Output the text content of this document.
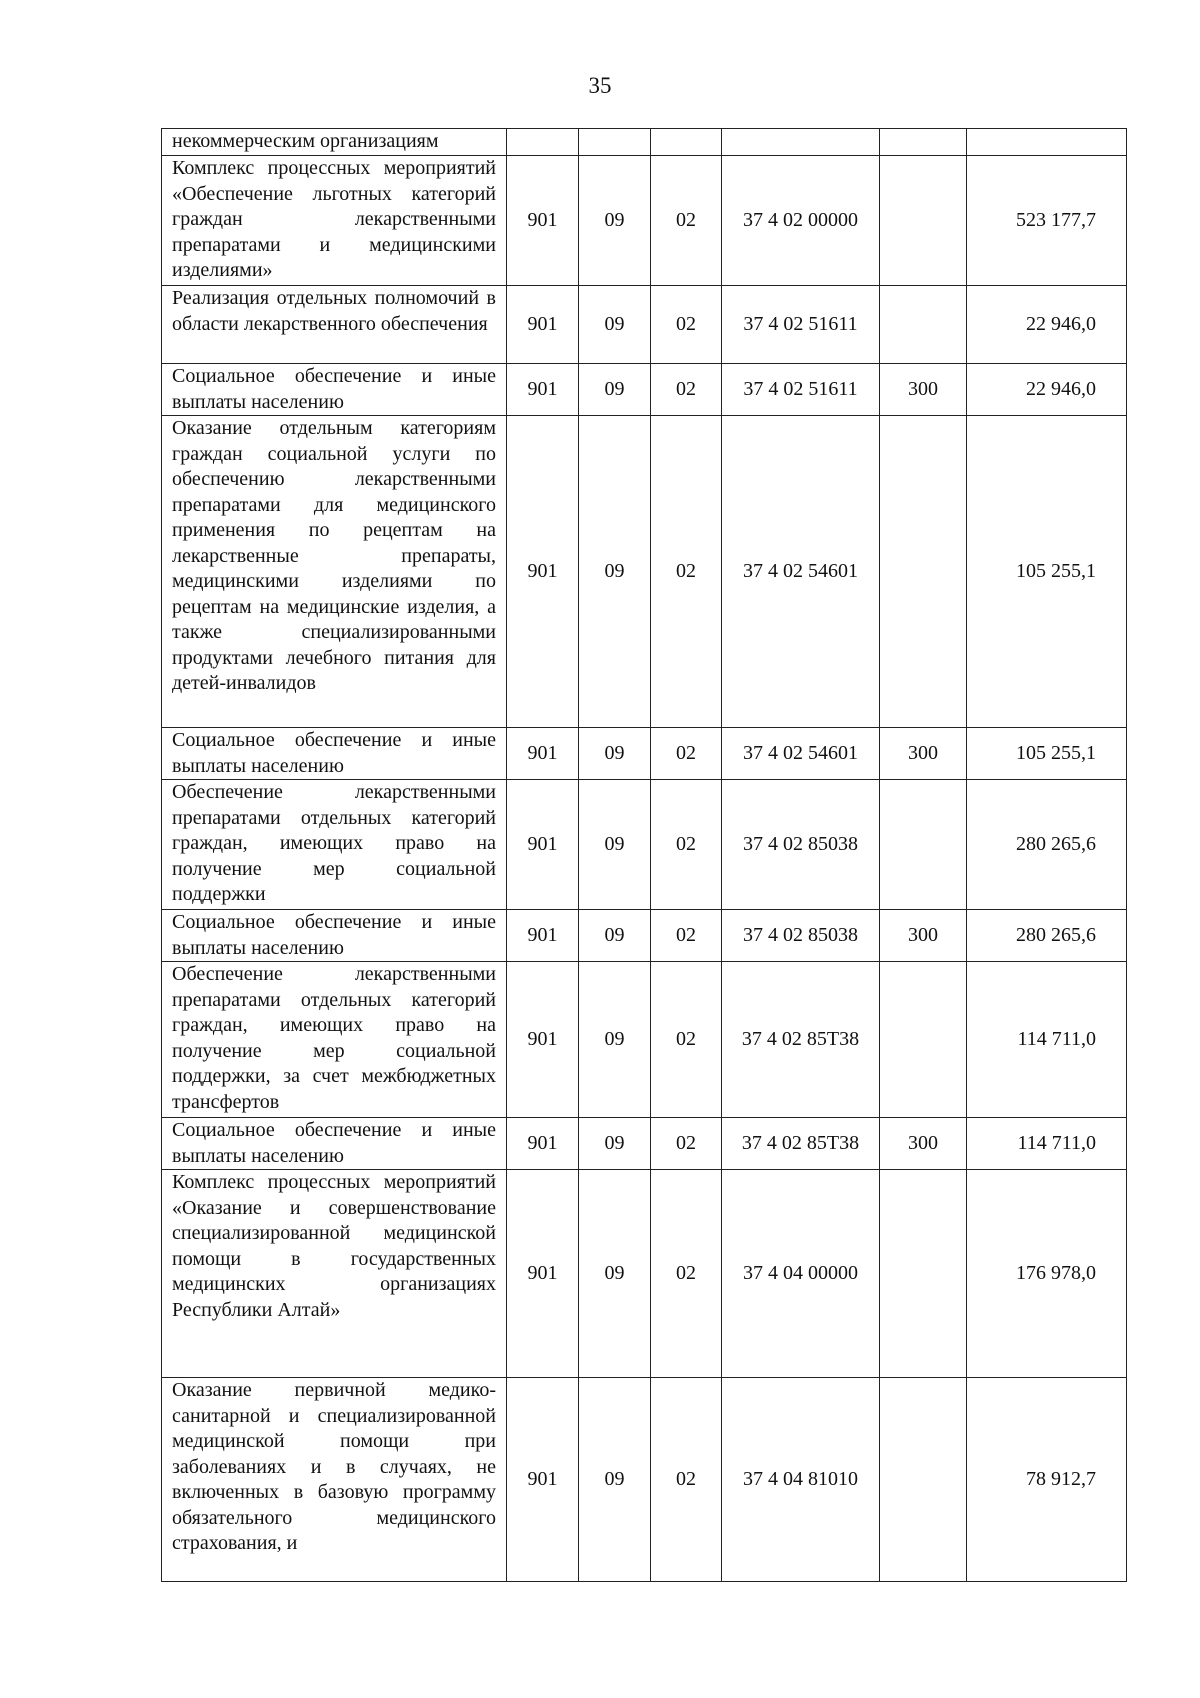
35
некоммерческим организациям						
Комплекс процессных мероприятий «Обеспечение льготных категорий граждан лекарственными препаратами и медицинскими изделиями»	901	09	02	37 4 02 00000		523 177,7
Реализация отдельных полномочий в области лекарственного обеспечения	901	09	02	37 4 02 51611		22 946,0
Социальное обеспечение и иные выплаты населению	901	09	02	37 4 02 51611	300	22 946,0
Оказание отдельным категориям граждан социальной услуги по обеспечению лекарственными препаратами для медицинского применения по рецептам на лекарственные препараты, медицинскими изделиями по рецептам на медицинские изделия, а также специализированными продуктами лечебного питания для детей-инвалидов	901	09	02	37 4 02 54601		105 255,1
Социальное обеспечение и иные выплаты населению	901	09	02	37 4 02 54601	300	105 255,1
Обеспечение лекарственными препаратами отдельных категорий граждан, имеющих право на получение мер социальной поддержки	901	09	02	37 4 02 85038		280 265,6
Социальное обеспечение и иные выплаты населению	901	09	02	37 4 02 85038	300	280 265,6
Обеспечение лекарственными препаратами отдельных категорий граждан, имеющих право на получение мер социальной поддержки, за счет межбюджетных трансфертов	901	09	02	37 4 02 85Т38		114 711,0
Социальное обеспечение и иные выплаты населению	901	09	02	37 4 02 85Т38	300	114 711,0
Комплекс процессных мероприятий «Оказание и совершенствование специализированной медицинской помощи в государственных медицинских организациях Республики Алтай»	901	09	02	37 4 04 00000		176 978,0
Оказание первичной медико-санитарной и специализированной медицинской помощи при заболеваниях и в случаях, не включенных в базовую программу обязательного медицинского страхования, и	901	09	02	37 4 04 81010		78 912,7
